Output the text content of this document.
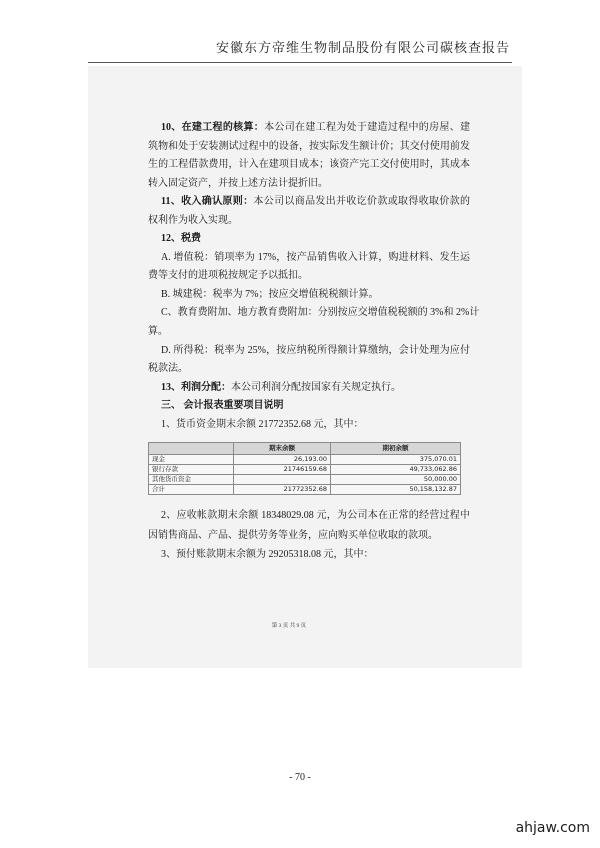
安徽东方帝维生物制品股份有限公司碳核查报告
10、在建工程的核算：本公司在建工程为处于建造过程中的房屋、建
筑物和处于安装测试过程中的设备，按实际发生额计价；其交付使用前发
生的工程借款费用，计入在建项目成本；该资产完工交付使用时，其成本
转入固定资产，并按上述方法计提折旧。
11、收入确认原则：本公司以商品发出并收讫价款或取得收取价款的
权利作为收入实现。
12、税费
A. 增值税：销项率为 17%，按产品销售收入计算，购进材料、发生运
费等支付的进项税按规定予以抵扣。
B. 城建税：税率为 7%；按应交增值税税额计算。
C、教育费附加、地方教育费附加：分别按应交增值税税额的 3%和 2%计
算。
D. 所得税：税率为 25%，按应纳税所得额计算缴纳，会计处理为应付
税款法。
13、利润分配：本公司利润分配按国家有关规定执行。
三、 会计报表重要项目说明
1、货币资金期末余额 21772352.68 元，其中：
	期末余额	期初余额
现金	26,193.00	375,070.01
银行存款	21746159.68	49,733,062.86
其他货币资金		50,000.00
合计	21772352.68	50,158,132.87
2、应收帐款期末余额 18348029.08 元，为公司本在正常的经营过程中
因销售商品、产品、提供劳务等业务，应向购买单位收取的款项。
3、预付账款期末余额为 29205318.08 元，其中：
第 3 页 共 9 页
- 70 -
ahjaw.com
